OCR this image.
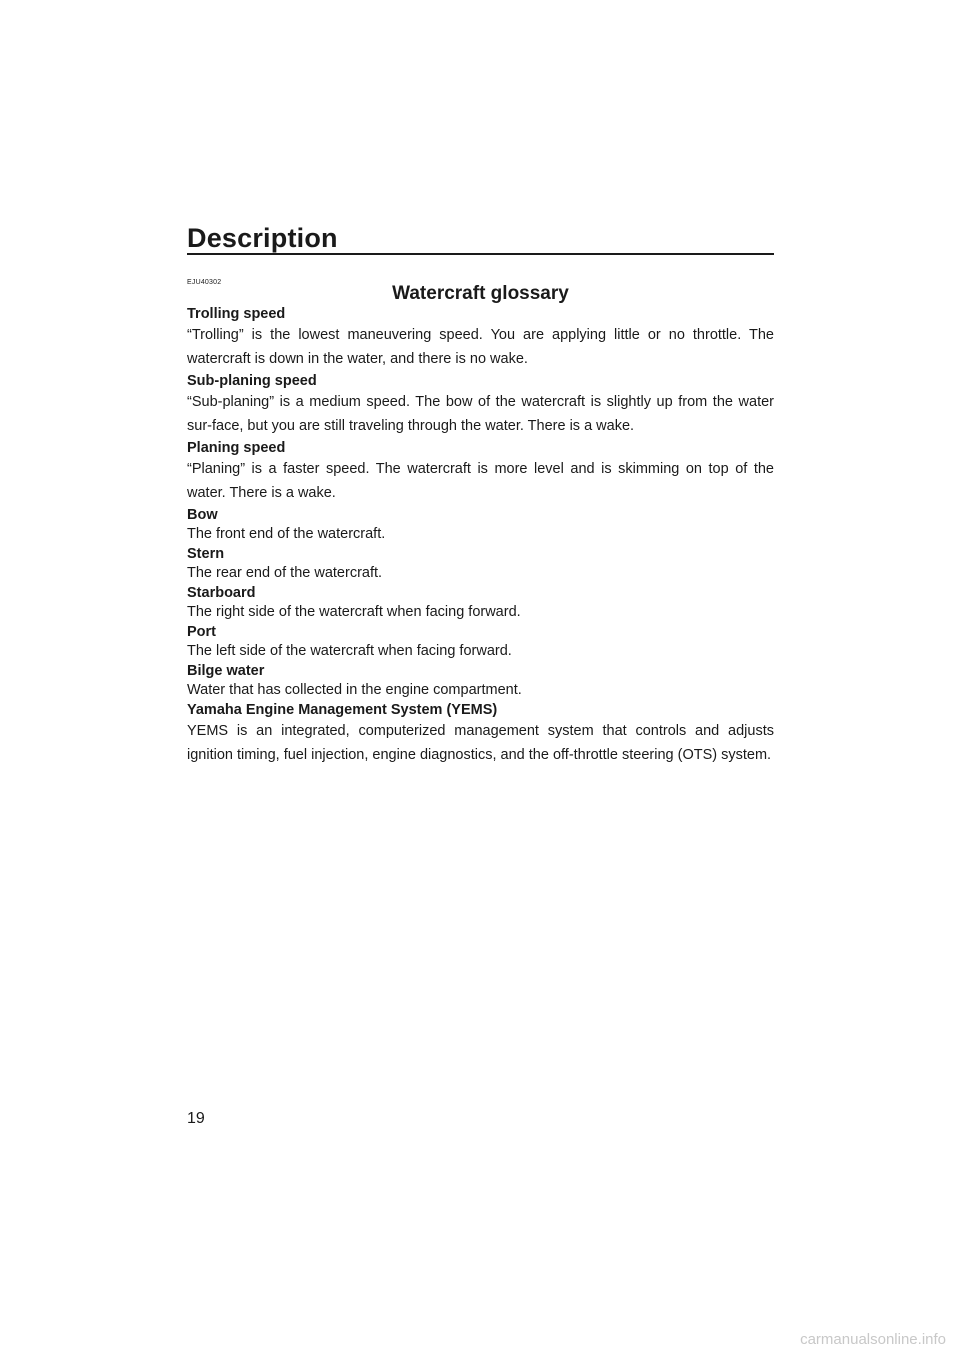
Description
EJU40302
Watercraft glossary

Trolling speed

“Trolling” is the lowest maneuvering speed. You are applying little or no throttle. The watercraft is down in the water, and there is no wake.

Sub-planing speed

“Sub-planing” is a medium speed. The bow of the watercraft is slightly up from the water sur-face, but you are still traveling through the water. There is a wake.

Planing speed

“Planing” is a faster speed. The watercraft is more level and is skimming on top of the water. There is a wake.

Bow

The front end of the watercraft.

Stern

The rear end of the watercraft.

Starboard

The right side of the watercraft when facing forward.

Port

The left side of the watercraft when facing forward.

Bilge water

Water that has collected in the engine compartment.

Yamaha Engine Management System (YEMS)

YEMS is an integrated, computerized management system that controls and adjusts ignition timing, fuel injection, engine diagnostics, and the off-throttle steering (OTS) system.

19
carmanualsonline.info
